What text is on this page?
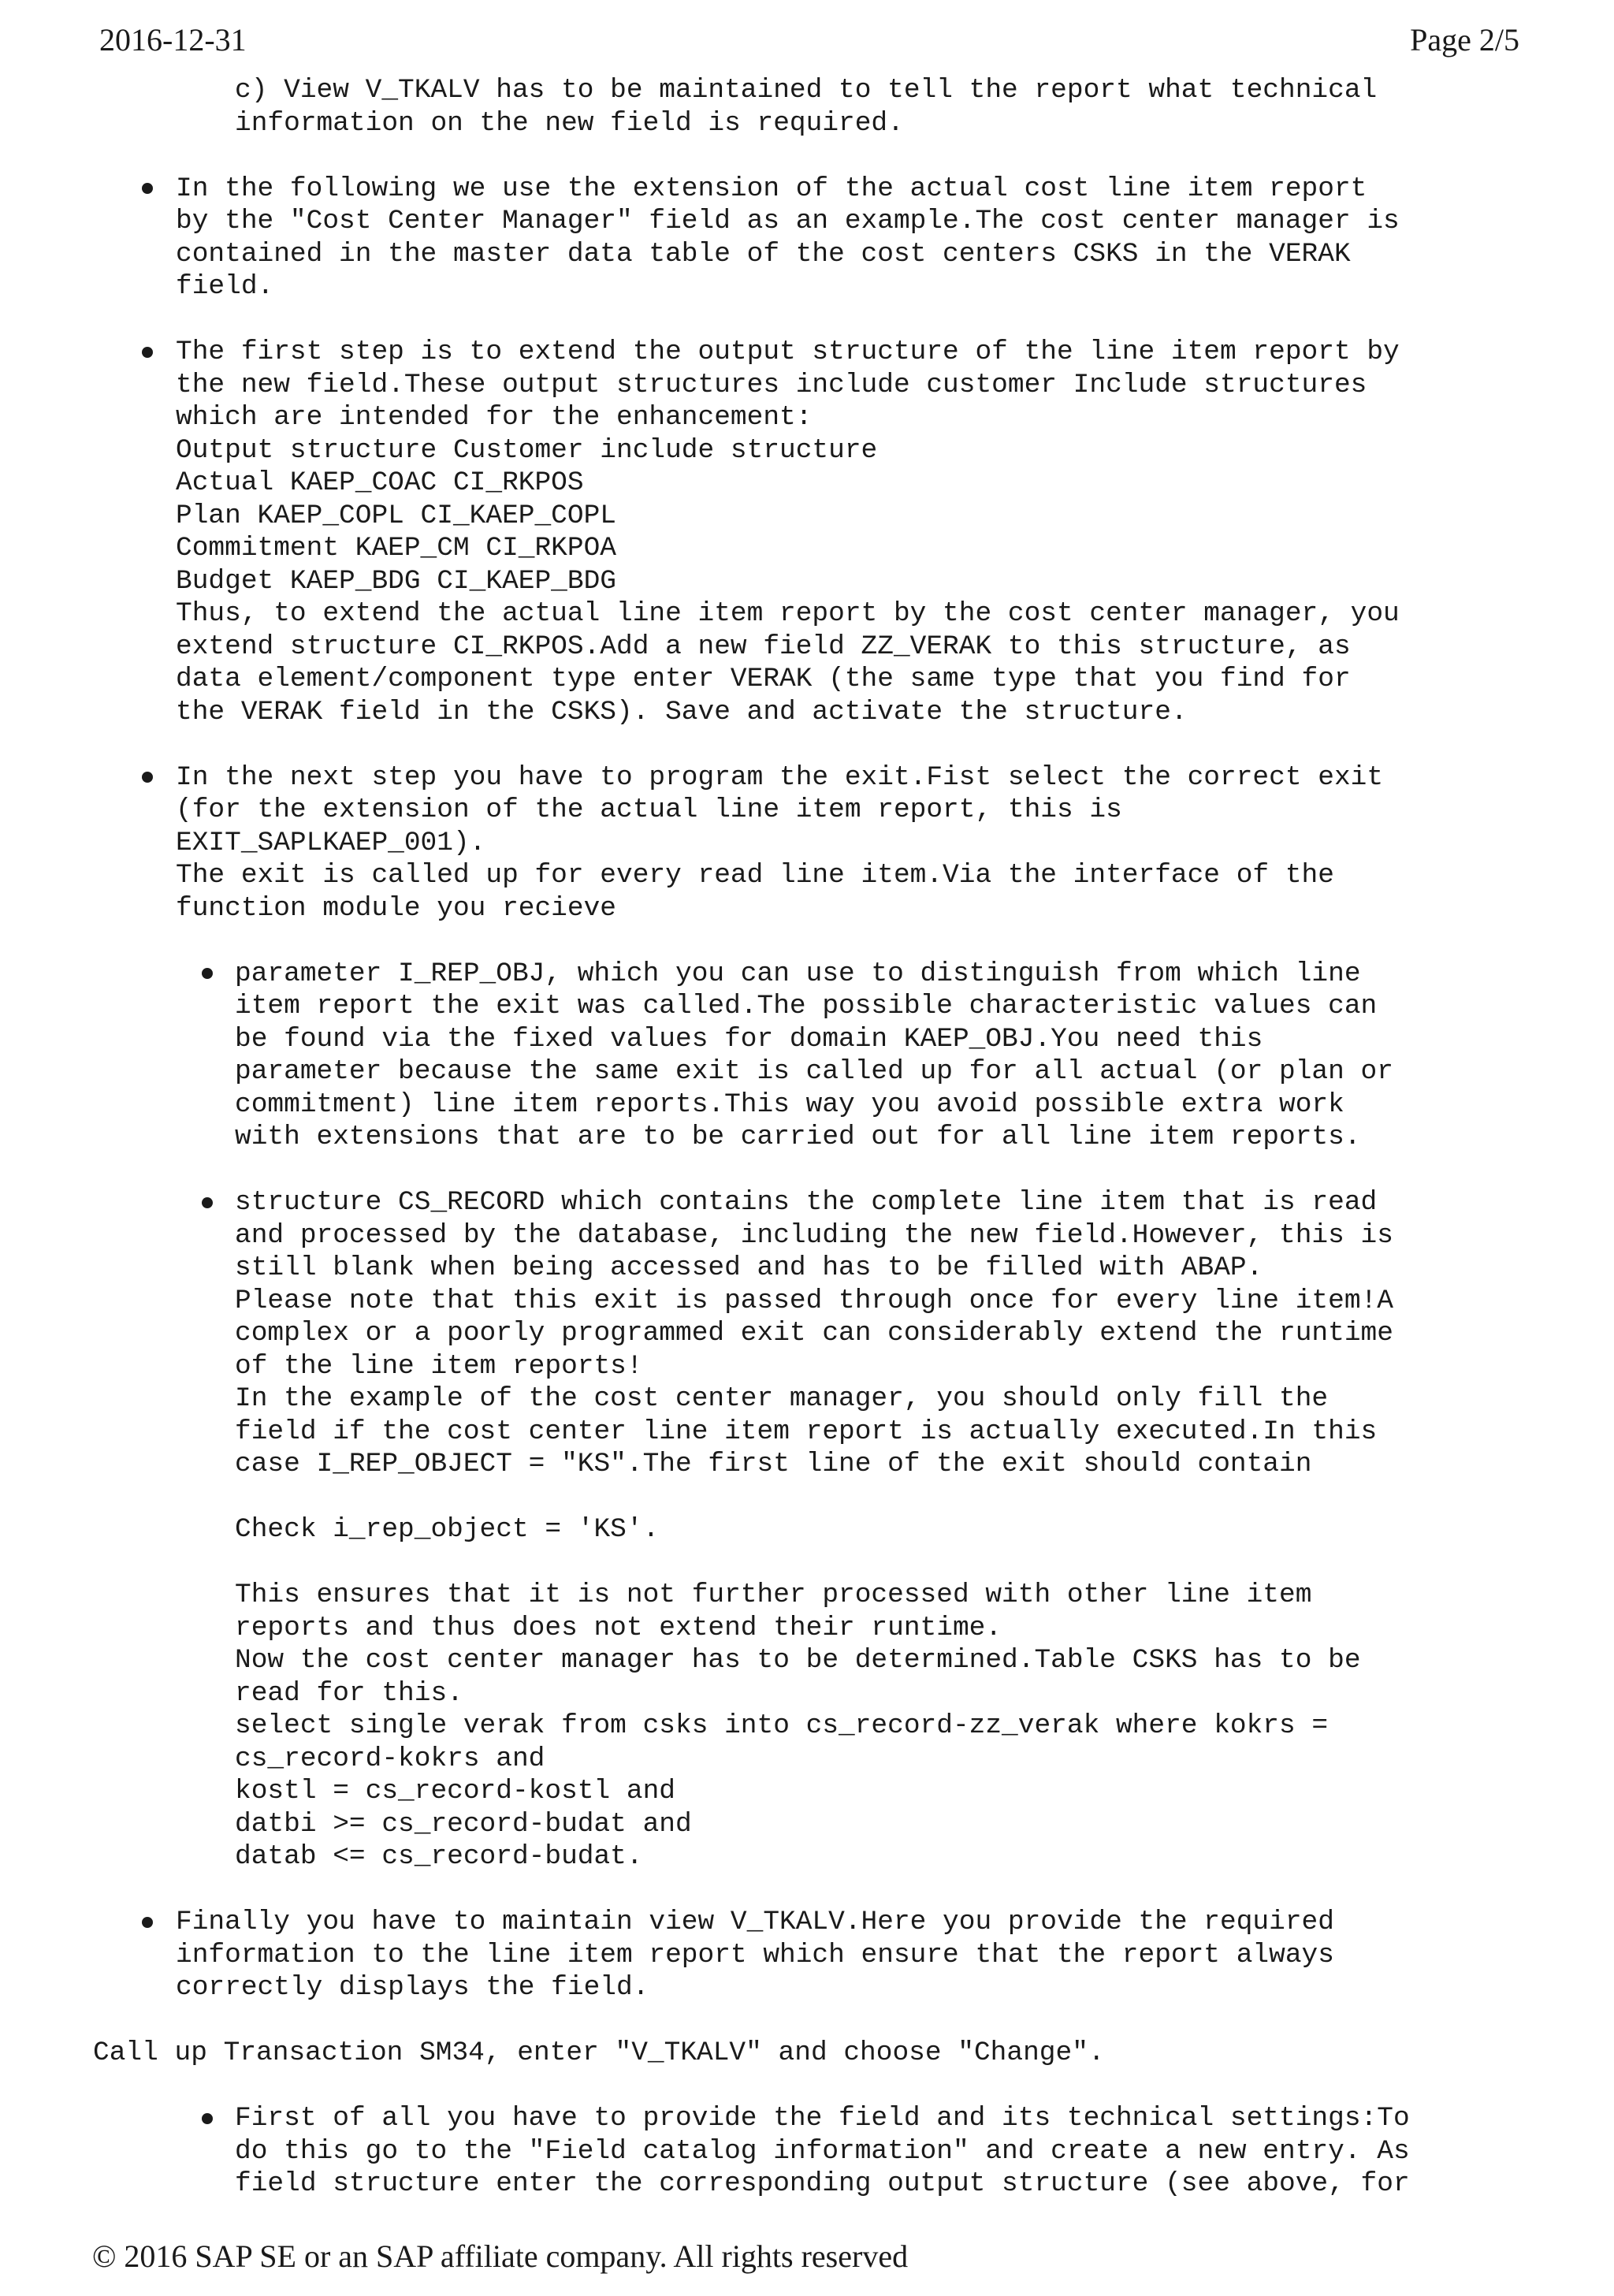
2016-12-31	Page 2/5
c) View V_TKALV has to be maintained to tell the report what technical
information on the new field is required.
In the following we use the extension of the actual cost line item report
by the "Cost Center Manager" field as an example.The cost center manager is
contained in the master data table of the cost centers CSKS in the VERAK
field.
The first step is to extend the output structure of the line item report by
the new field.These output structures include customer Include structures
which are intended for the enhancement:
Output structure Customer include structure
Actual KAEP_COAC CI_RKPOS
Plan KAEP_COPL CI_KAEP_COPL
Commitment KAEP_CM CI_RKPOA
Budget KAEP_BDG CI_KAEP_BDG
Thus, to extend the actual line item report by the cost center manager, you
extend structure CI_RKPOS.Add a new field ZZ_VERAK to this structure, as
data element/component type enter VERAK (the same type that you find for
the VERAK field in the CSKS). Save and activate the structure.
In the next step you have to program the exit.Fist select the correct exit
(for the extension of the actual line item report, this is
EXIT_SAPLKAEP_001).
The exit is called up for every read line item.Via the interface of the
function module you recieve
parameter I_REP_OBJ, which you can use to distinguish from which line
item report the exit was called.The possible characteristic values can
be found via the fixed values for domain KAEP_OBJ.You need this
parameter because the same exit is called up for all actual (or plan or
commitment) line item reports.This way you avoid possible extra work
with extensions that are to be carried out for all line item reports.
structure CS_RECORD which contains the complete line item that is read
and processed by the database, including the new field.However, this is
still blank when being accessed and has to be filled with ABAP.
Please note that this exit is passed through once for every line item!A
complex or a poorly programmed exit can considerably extend the runtime
of the line item reports!
In the example of the cost center manager, you should only fill the
field if the cost center line item report is actually executed.In this
case I_REP_OBJECT = "KS".The first line of the exit should contain
Check i_rep_object = 'KS'.
This ensures that it is not further processed with other line item
reports and thus does not extend their runtime.
Now the cost center manager has to be determined.Table CSKS has to be
read for this.
select single verak from csks into cs_record-zz_verak where kokrs =
cs_record-kokrs and
kostl = cs_record-kostl and
datbi >= cs_record-budat and
datab <= cs_record-budat.
Finally you have to maintain view V_TKALV.Here you provide the required
information to the line item report which ensure that the report always
correctly displays the field.
Call up Transaction SM34, enter "V_TKALV" and choose "Change".
First of all you have to provide the field and its technical settings:To
do this go to the "Field catalog information" and create a new entry. As
field structure enter the corresponding output structure (see above, for
© 2016 SAP SE or an SAP affiliate company. All rights reserved
